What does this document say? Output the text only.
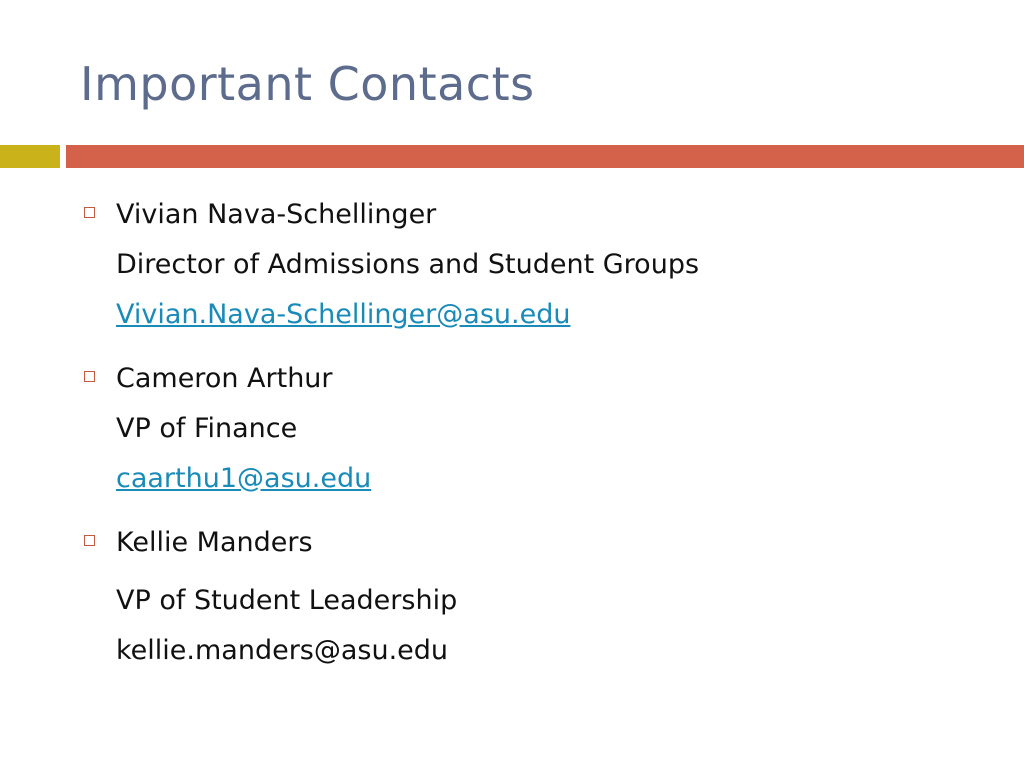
Important Contacts
Vivian Nava-Schellinger
Director of Admissions and Student Groups
Vivian.Nava-Schellinger@asu.edu
Cameron Arthur
VP of Finance
caarthu1@asu.edu
Kellie Manders
VP of Student Leadership
kellie.manders@asu.edu
